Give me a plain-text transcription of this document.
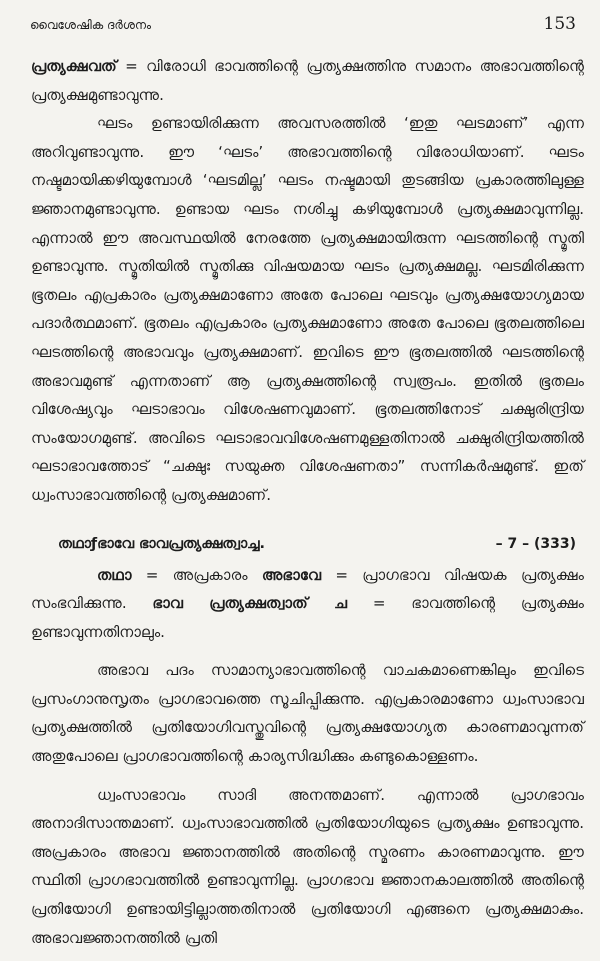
വൈശേഷിക ദർശനം	153

പ്രത്യക്ഷവത് = വിരോധി ഭാവത്തിന്റെ പ്രത്യക്ഷത്തിനു സമാനം അഭാവത്തിന്റെ പ്രത്യക്ഷമുണ്ടാവുന്നു.

ഘടം ഉണ്ടായിരിക്കുന്ന അവസരത്തിൽ ‘ഇതു ഘടമാണ്’ എന്ന അറിവുണ്ടാവുന്നു. ഈ ‘ഘടം’ അഭാവത്തിന്റെ വിരോധിയാണ്. ഘടം നഷ്ടമായിക്കഴിയുമ്പോൾ ‘ഘടമില്ല’ ഘടം നഷ്ടമായി തുടങ്ങിയ പ്രകാരത്തിലുള്ള ജ്ഞാനമുണ്ടാവുന്നു. ഉണ്ടായ ഘടം നശിച്ചു കഴിയുമ്പോൾ പ്രത്യക്ഷമാവുന്നില്ല. എന്നാൽ ഈ അവസ്ഥയിൽ നേരത്തേ പ്രത്യക്ഷമായിരുന്ന ഘടത്തിന്റെ സ്മൃതി ഉണ്ടാവുന്നു. സ്മൃതിയിൽ സ്മൃതിക്കു വിഷയമായ ഘടം പ്രത്യക്ഷമല്ല. ഘടമിരിക്കുന്ന ഭൂതലം എപ്രകാരം പ്രത്യക്ഷമാണോ അതേ പോലെ ഘടവും പ്രത്യക്ഷയോഗ്യമായ പദാർത്ഥമാണ്. ഭൂതലം എപ്രകാരം പ്രത്യക്ഷമാണോ അതേ പോലെ ഭൂതലത്തിലെ ഘടത്തിന്റെ അഭാവവും പ്രത്യക്ഷമാണ്. ഇവിടെ ഈ ഭൂതലത്തിൽ ഘടത്തിന്റെ അഭാവമുണ്ട് എന്നതാണ് ആ പ്രത്യക്ഷത്തിന്റെ സ്വരൂപം. ഇതിൽ ഭൂതലം വിശേഷ്യവും ഘടാഭാവം വിശേഷണവുമാണ്. ഭൂതലത്തിനോട് ചക്ഷുരിന്ദ്രിയ സംയോഗമുണ്ട്. അവിടെ ഘടാഭാവവിശേഷണമുള്ളതിനാൽ ചക്ഷുരിന്ദ്രിയത്തിൽ ഘടാഭാവത്തോട് “ചക്ഷുഃ സയുക്ത വിശേഷണതാ” സന്നികർഷമുണ്ട്. ഇത് ധ്വംസാഭാവത്തിന്റെ പ്രത്യക്ഷമാണ്.

തഥാƒഭാവേ ഭാവപ്രത്യക്ഷത്വാച്ച.	– 7 – (333)

തഥാ = അപ്രകാരം അഭാവേ = പ്രാഗഭാവ വിഷയക പ്രത്യക്ഷം സംഭവിക്കുന്നു. ഭാവ പ്രത്യക്ഷത്വാത് ച = ഭാവത്തിന്റെ പ്രത്യക്ഷം ഉണ്ടാവുന്നതിനാലും.

അഭാവ പദം സാമാന്യാഭാവത്തിന്റെ വാചകമാണെങ്കിലും ഇവിടെ പ്രസംഗാനുസൃതം പ്രാഗഭാവത്തെ സൂചിപ്പിക്കുന്നു. എപ്രകാരമാണോ ധ്വംസാഭാവ പ്രത്യക്ഷത്തിൽ പ്രതിയോഗിവസ്തുവിന്റെ പ്രത്യക്ഷയോഗ്യത കാരണമാവുന്നത് അതുപോലെ പ്രാഗഭാവത്തിന്റെ കാര്യസിദ്ധിക്കും കണ്ടുകൊള്ളണം.

ധ്വംസാഭാവം സാദി അനന്തമാണ്. എന്നാൽ പ്രാഗഭാവം അനാദിസാന്തമാണ്. ധ്വംസാഭാവത്തിൽ പ്രതിയോഗിയുടെ പ്രത്യക്ഷം ഉണ്ടാവുന്നു. അപ്രകാരം അഭാവ ജ്ഞാനത്തിൽ അതിന്റെ സ്മരണം കാരണമാവുന്നു. ഈ സ്ഥിതി പ്രാഗഭാവത്തിൽ ഉണ്ടാവുന്നില്ല. പ്രാഗഭാവ ജ്ഞാനകാലത്തിൽ അതിന്റെ പ്രതിയോഗി ഉണ്ടായിട്ടില്ലാത്തതിനാൽ പ്രതിയോഗി എങ്ങനെ പ്രത്യക്ഷമാകും. അഭാവജ്ഞാനത്തിൽ പ്രതി
